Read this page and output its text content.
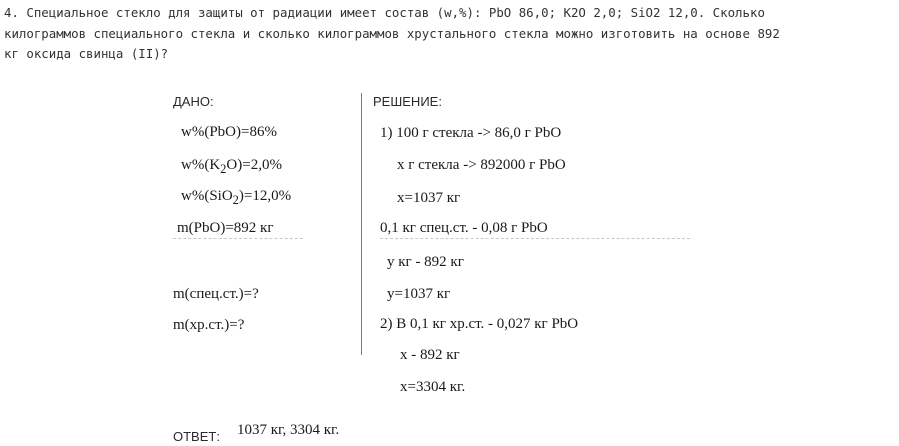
4. Специальное стекло для защиты от радиации имеет состав (w,%): PbO 86,0; K2O 2,0; SiO2 12,0. Сколько
килограммов специального стекла и сколько килограммов хрустального стекла можно изготовить на основе 892
кг оксида свинца (II)?
ДАНО:	РЕШЕНИЕ:
w%(PbO)=86%
$w\%(K_2O)=2,0\%$
w%(SiO$_2$)=12,0%
m(PbO)=892 кг
m(спец.ст.)=?
m(хр.ст.)=?
1) 100 г стекла -> 86,0 г PbO
x г стекла -> 892000 г PbO
x=1037 кг
0,1 кг спец.ст. - 0,08 г PbO
y кг - 892 кг
y=1037 кг
2) В 0,1 кг хр.ст. - 0,027 кг PbO
x - 892 кг
x=3304 кг.
ОТВЕТ: 1037 кг, 3304 кг.
